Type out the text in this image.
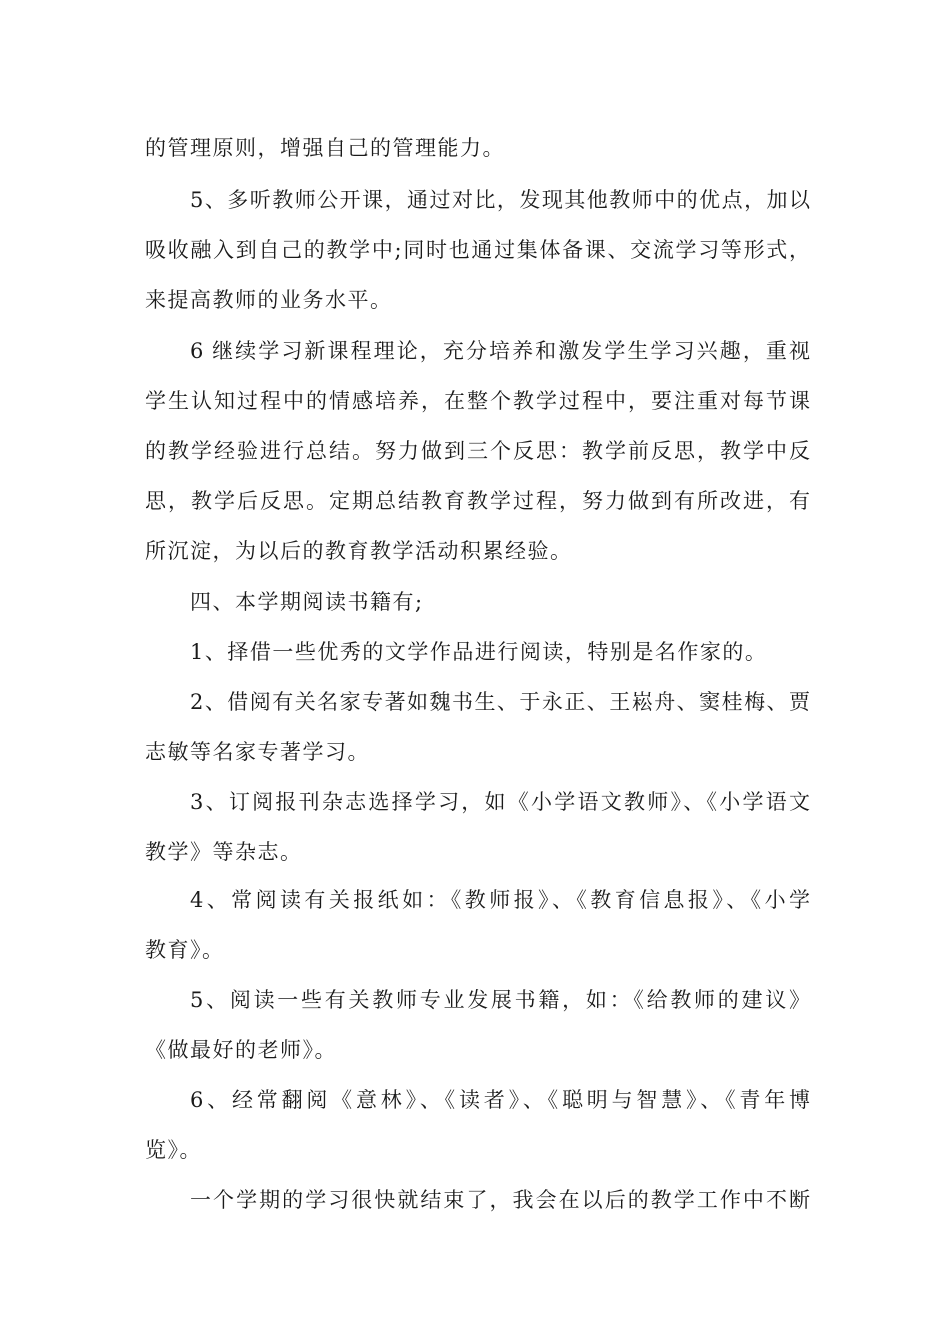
的管理原则，增强自己的管理能力。
5、多听教师公开课，通过对比，发现其他教师中的优点，加以
吸收融入到自己的教学中;同时也通过集体备课、交流学习等形式，
来提高教师的业务水平。
6 继续学习新课程理论，充分培养和激发学生学习兴趣，重视
学生认知过程中的情感培养，在整个教学过程中，要注重对每节课
的教学经验进行总结。努力做到三个反思：教学前反思，教学中反
思，教学后反思。定期总结教育教学过程，努力做到有所改进，有
所沉淀，为以后的教育教学活动积累经验。
四、本学期阅读书籍有;
1、择借一些优秀的文学作品进行阅读，特别是名作家的。
2、借阅有关名家专著如魏书生、于永正、王崧舟、窦桂梅、贾
志敏等名家专著学习。
3、订阅报刊杂志选择学习，如《小学语文教师》、《小学语文
教学》等杂志。
4、常阅读有关报纸如：《教师报》、《教育信息报》、《小学
教育》。
5、阅读一些有关教师专业发展书籍，如：《给教师的建议》
《做最好的老师》。
6、经常翻阅《意林》、《读者》、《聪明与智慧》、《青年博
览》。
一个学期的学习很快就结束了，我会在以后的教学工作中不断
